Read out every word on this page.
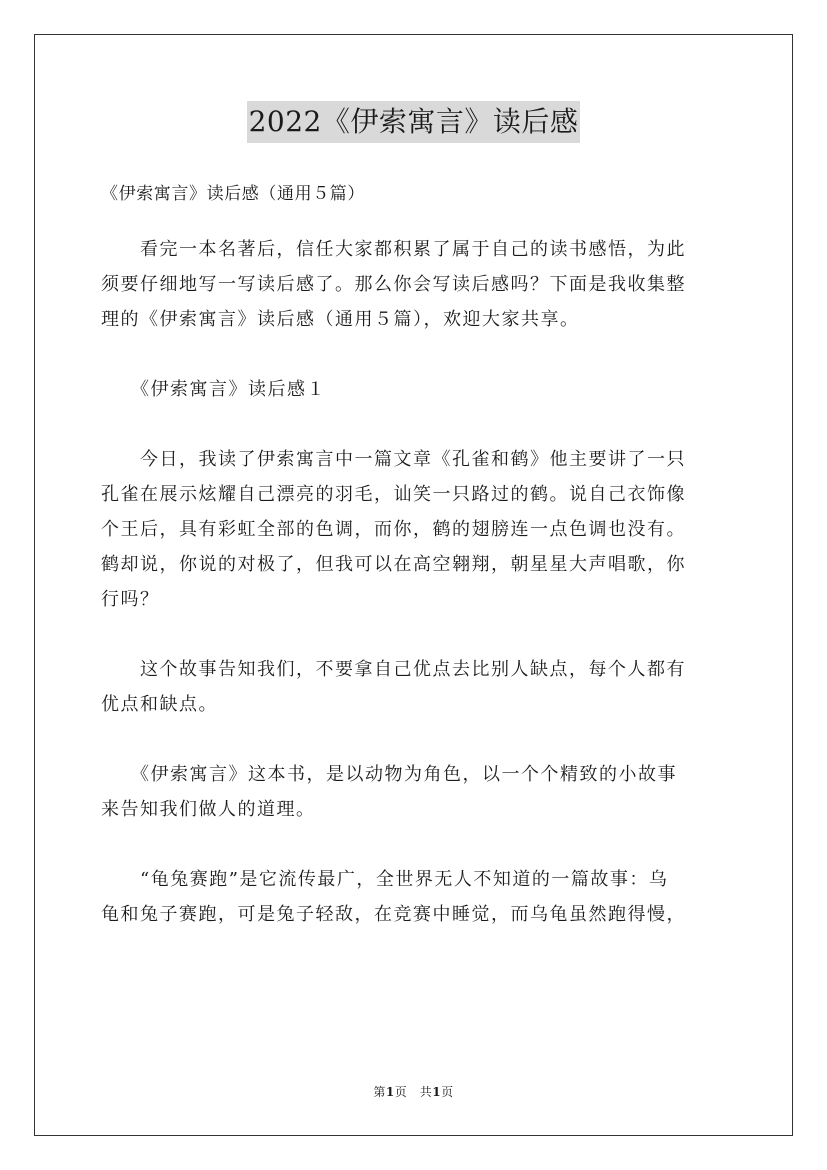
2022《伊索寓言》读后感
《伊索寓言》读后感（通用５篇）
　　看完一本名著后，信任大家都积累了属于自己的读书感悟，为此
须要仔细地写一写读后感了。那么你会写读后感吗？下面是我收集整
理的《伊索寓言》读后感（通用５篇），欢迎大家共享。
　　《伊索寓言》读后感１
　　今日，我读了伊索寓言中一篇文章《孔雀和鹤》他主要讲了一只
孔雀在展示炫耀自己漂亮的羽毛，讪笑一只路过的鹤。说自己衣饰像
个王后，具有彩虹全部的色调，而你，鹤的翅膀连一点色调也没有。
鹤却说，你说的对极了，但我可以在高空翱翔，朝星星大声唱歌，你
行吗？
　　这个故事告知我们，不要拿自己优点去比别人缺点，每个人都有
优点和缺点。
　　《伊索寓言》这本书，是以动物为角色，以一个个精致的小故事
来告知我们做人的道理。
　　“龟兔赛跑”是它流传最广，全世界无人不知道的一篇故事：乌
龟和兔子赛跑，可是兔子轻敌，在竞赛中睡觉，而乌龟虽然跑得慢，
第1页　共1页
